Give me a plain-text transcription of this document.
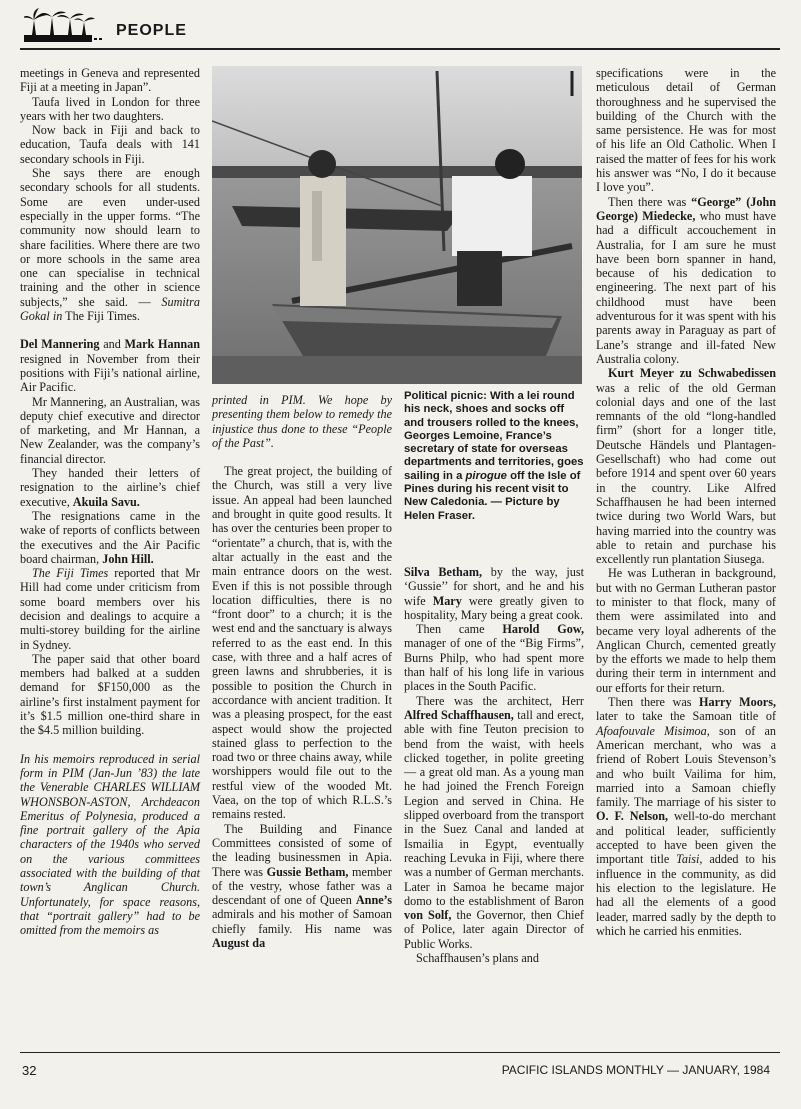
PEOPLE

meetings in Geneva and represented Fiji at a meeting in Japan”.

Taufa lived in London for three years with her two daughters.

Now back in Fiji and back to education, Taufa deals with 141 secondary schools in Fiji.

She says there are enough secondary schools for all students. Some are even under-used especially in the upper forms. “The community now should learn to share facilities. Where there are two or more schools in the same area one can specialise in technical training and the other in science subjects,” she said. — Sumitra Gokal in The Fiji Times.

Del Mannering and Mark Hannan resigned in November from their positions with Fiji’s national airline, Air Pacific.

Mr Mannering, an Australian, was deputy chief executive and director of marketing, and Mr Hannan, a New Zealander, was the company’s financial director.

They handed their letters of resignation to the airline’s chief executive, Akuila Savu.

The resignations came in the wake of reports of conflicts between the executives and the Air Pacific board chairman, John Hill.

The Fiji Times reported that Mr Hill had come under criticism from some board members over his decision and dealings to acquire a multi-storey building for the airline in Sydney.

The paper said that other board members had balked at a sudden demand for $F150,000 as the airline’s first instalment payment for it’s $1.5 million one-third share in the $4.5 million building.

In his memoirs reproduced in serial form in PIM (Jan-Jun ’83) the late the Venerable CHARLES WILLIAM WHONSBON-ASTON, Archdeacon Emeritus of Polynesia, produced a fine portrait gallery of the Apia characters of the 1940s who served on the various committees associated with the building of that town’s Anglican Church. Unfortunately, for space reasons, that “portrait gallery” had to be omitted from the memoirs as

printed in PIM. We hope by presenting them below to remedy the injustice thus done to these “People of the Past”.

The great project, the building of the Church, was still a very live issue. An appeal had been launched and brought in quite good results. It has over the centuries been proper to “orientate” a church, that is, with the altar actually in the east and the main entrance doors on the west. Even if this is not possible through location difficulties, there is no “front door” to a church; it is the west end and the sanctuary is always referred to as the east end. In this case, with three and a half acres of green lawns and shrubberies, it is possible to position the Church in accordance with ancient tradition. It was a pleasing prospect, for the east aspect would show the projected stained glass to perfection to the road two or three chains away, while worshippers would file out to the restful view of the wooded Mt. Vaea, on the top of which R.L.S.’s remains rested.

The Building and Finance Committees consisted of some of the leading businessmen in Apia. There was Gussie Betham, member of the vestry, whose father was a descendant of one of Queen Anne’s admirals and his mother of Samoan chiefly family. His name was August da

Political picnic: With a lei round his neck, shoes and socks off and trousers rolled to the knees, Georges Lemoine, France’s secretary of state for overseas departments and territories, goes sailing in a pirogue off the Isle of Pines during his recent visit to New Caledonia. — Picture by Helen Fraser.

Silva Betham, by the way, just ‘Gussie’’ for short, and he and his wife Mary were greatly given to hospitality, Mary being a great cook.

Then came Harold Gow, manager of one of the “Big Firms”, Burns Philp, who had spent more than half of his long life in various places in the South Pacific.

There was the architect, Herr Alfred Schaffhausen, tall and erect, able with fine Teuton precision to bend from the waist, with heels clicked together, in polite greeting — a great old man. As a young man he had joined the French Foreign Legion and served in China. He slipped overboard from the transport in the Suez Canal and landed at Ismailia in Egypt, eventually reaching Levuka in Fiji, where there was a number of German merchants. Later in Samoa he became major domo to the establishment of Baron von Solf, the Governor, then Chief of Police, later again Director of Public Works.

Schaffhausen’s plans and

specifications were in the meticulous detail of German thoroughness and he supervised the building of the Church with the same persistence. He was for most of his life an Old Catholic. When I raised the matter of fees for his work his answer was “No, I do it because I love you”.

Then there was “George” (John George) Miedecke, who must have had a difficult accouchement in Australia, for I am sure he must have been born spanner in hand, because of his dedication to engineering. The next part of his childhood must have been adventurous for it was spent with his parents away in Paraguay as part of Lane’s strange and ill-fated New Australia colony.

Kurt Meyer zu Schwabedissen was a relic of the old German colonial days and one of the last remnants of the old “long-handled firm” (short for a longer title, Deutsche Händels und Plantagen-Gesellschaft) who had come out before 1914 and spent over 60 years in the country. Like Alfred Schaffhausen he had been interned twice during two World Wars, but having married into the country was able to retain and purchase his excellently run plantation Siusega.

He was Lutheran in background, but with no German Lutheran pastor to minister to that flock, many of them were assimilated into and became very loyal adherents of the Anglican Church, cemented greatly by the efforts we made to help them during their term in internment and our efforts for their return.

Then there was Harry Moors, later to take the Samoan title of Afoafouvale Misimoa, son of an American merchant, who was a friend of Robert Louis Stevenson’s and who built Vailima for him, married into a Samoan chiefly family. The marriage of his sister to O. F. Nelson, well-to-do merchant and political leader, sufficiently accepted to have been given the important title Taisi, added to his influence in the community, as did his election to the legislature. He had all the elements of a good leader, marred sadly by the depth to which he carried his enmities.

32	PACIFIC ISLANDS MONTHLY — JANUARY, 1984
